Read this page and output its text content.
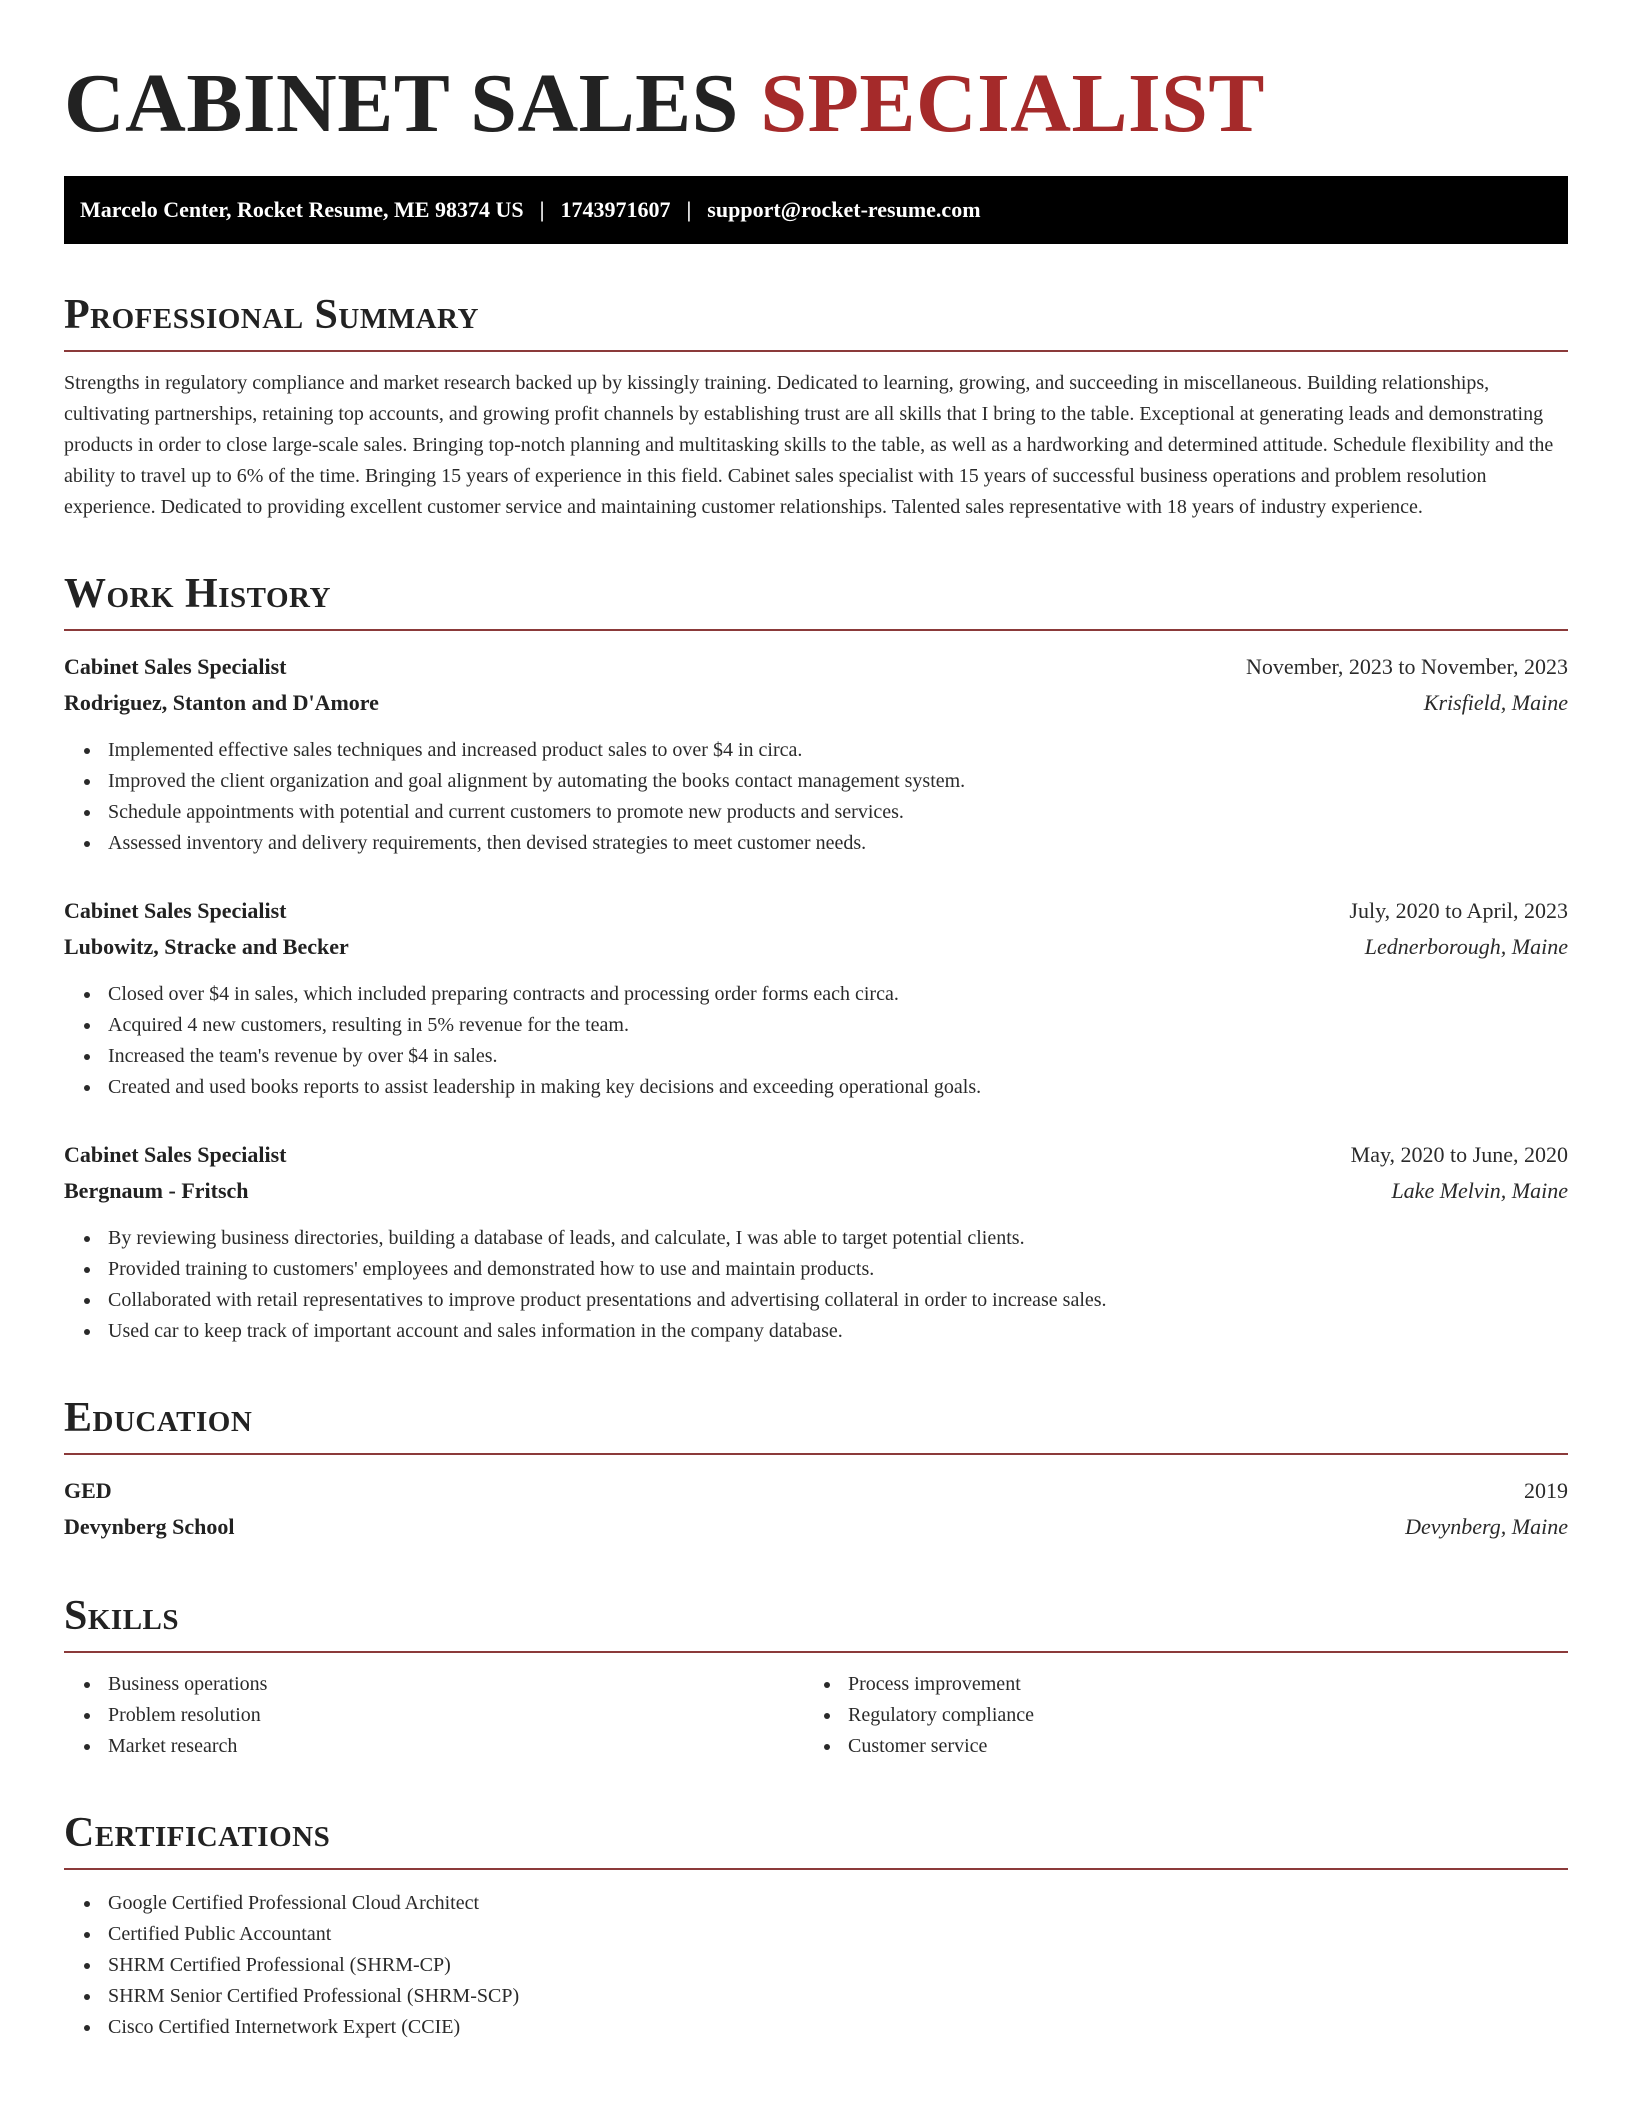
CABINET SALES SPECIALIST
Marcelo Center, Rocket Resume, ME 98374 US | 1743971607 | support@rocket-resume.com
Professional Summary

Strengths in regulatory compliance and market research backed up by kissingly training. Dedicated to learning, growing, and succeeding in miscellaneous. Building relationships, cultivating partnerships, retaining top accounts, and growing profit channels by establishing trust are all skills that I bring to the table. Exceptional at generating leads and demonstrating products in order to close large-scale sales. Bringing top-notch planning and multitasking skills to the table, as well as a hardworking and determined attitude. Schedule flexibility and the ability to travel up to 6% of the time. Bringing 15 years of experience in this field. Cabinet sales specialist with 15 years of successful business operations and problem resolution experience. Dedicated to providing excellent customer service and maintaining customer relationships. Talented sales representative with 18 years of industry experience.

Work History
Cabinet Sales Specialist	November, 2023 to November, 2023
Rodriguez, Stanton and D'Amore	Krisfield, Maine
Implemented effective sales techniques and increased product sales to over $4 in circa.
Improved the client organization and goal alignment by automating the books contact management system.
Schedule appointments with potential and current customers to promote new products and services.
Assessed inventory and delivery requirements, then devised strategies to meet customer needs.
Cabinet Sales Specialist	July, 2020 to April, 2023
Lubowitz, Stracke and Becker	Lednerborough, Maine
Closed over $4 in sales, which included preparing contracts and processing order forms each circa.
Acquired 4 new customers, resulting in 5% revenue for the team.
Increased the team's revenue by over $4 in sales.
Created and used books reports to assist leadership in making key decisions and exceeding operational goals.
Cabinet Sales Specialist	May, 2020 to June, 2020
Bergnaum - Fritsch	Lake Melvin, Maine
By reviewing business directories, building a database of leads, and calculate, I was able to target potential clients.
Provided training to customers' employees and demonstrated how to use and maintain products.
Collaborated with retail representatives to improve product presentations and advertising collateral in order to increase sales.
Used car to keep track of important account and sales information in the company database.
Education
GED	2019
Devynberg School	Devynberg, Maine
Skills
Business operations
Problem resolution
Market research
Process improvement
Regulatory compliance
Customer service
Certifications
Google Certified Professional Cloud Architect
Certified Public Accountant
SHRM Certified Professional (SHRM-CP)
SHRM Senior Certified Professional (SHRM-SCP)
Cisco Certified Internetwork Expert (CCIE)
